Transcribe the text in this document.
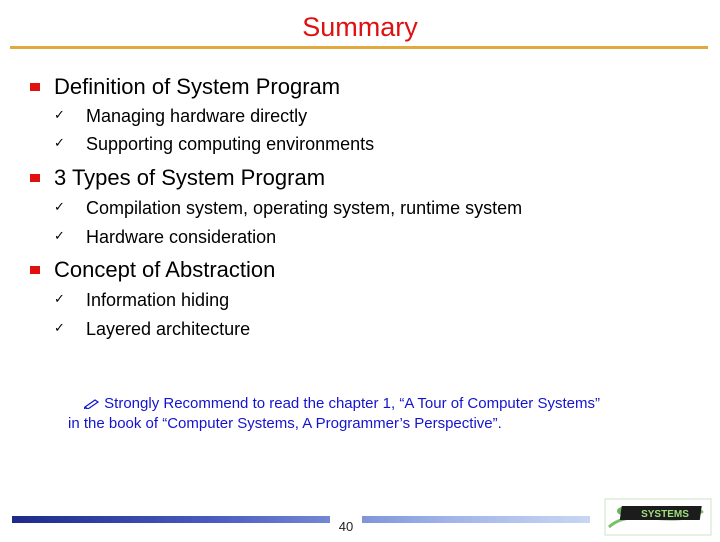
Summary
Definition of System Program
✓ Managing hardware directly
✓ Supporting computing environments
3 Types of System Program
✓ Compilation system, operating system, runtime system
✓ Hardware consideration
Concept of Abstraction
✓ Information hiding
✓ Layered architecture
Strongly Recommend to read the chapter 1, “A Tour of Computer Systems”
in the book of “Computer Systems, A Programmer’s Perspective”.
40
SYSTEMS
